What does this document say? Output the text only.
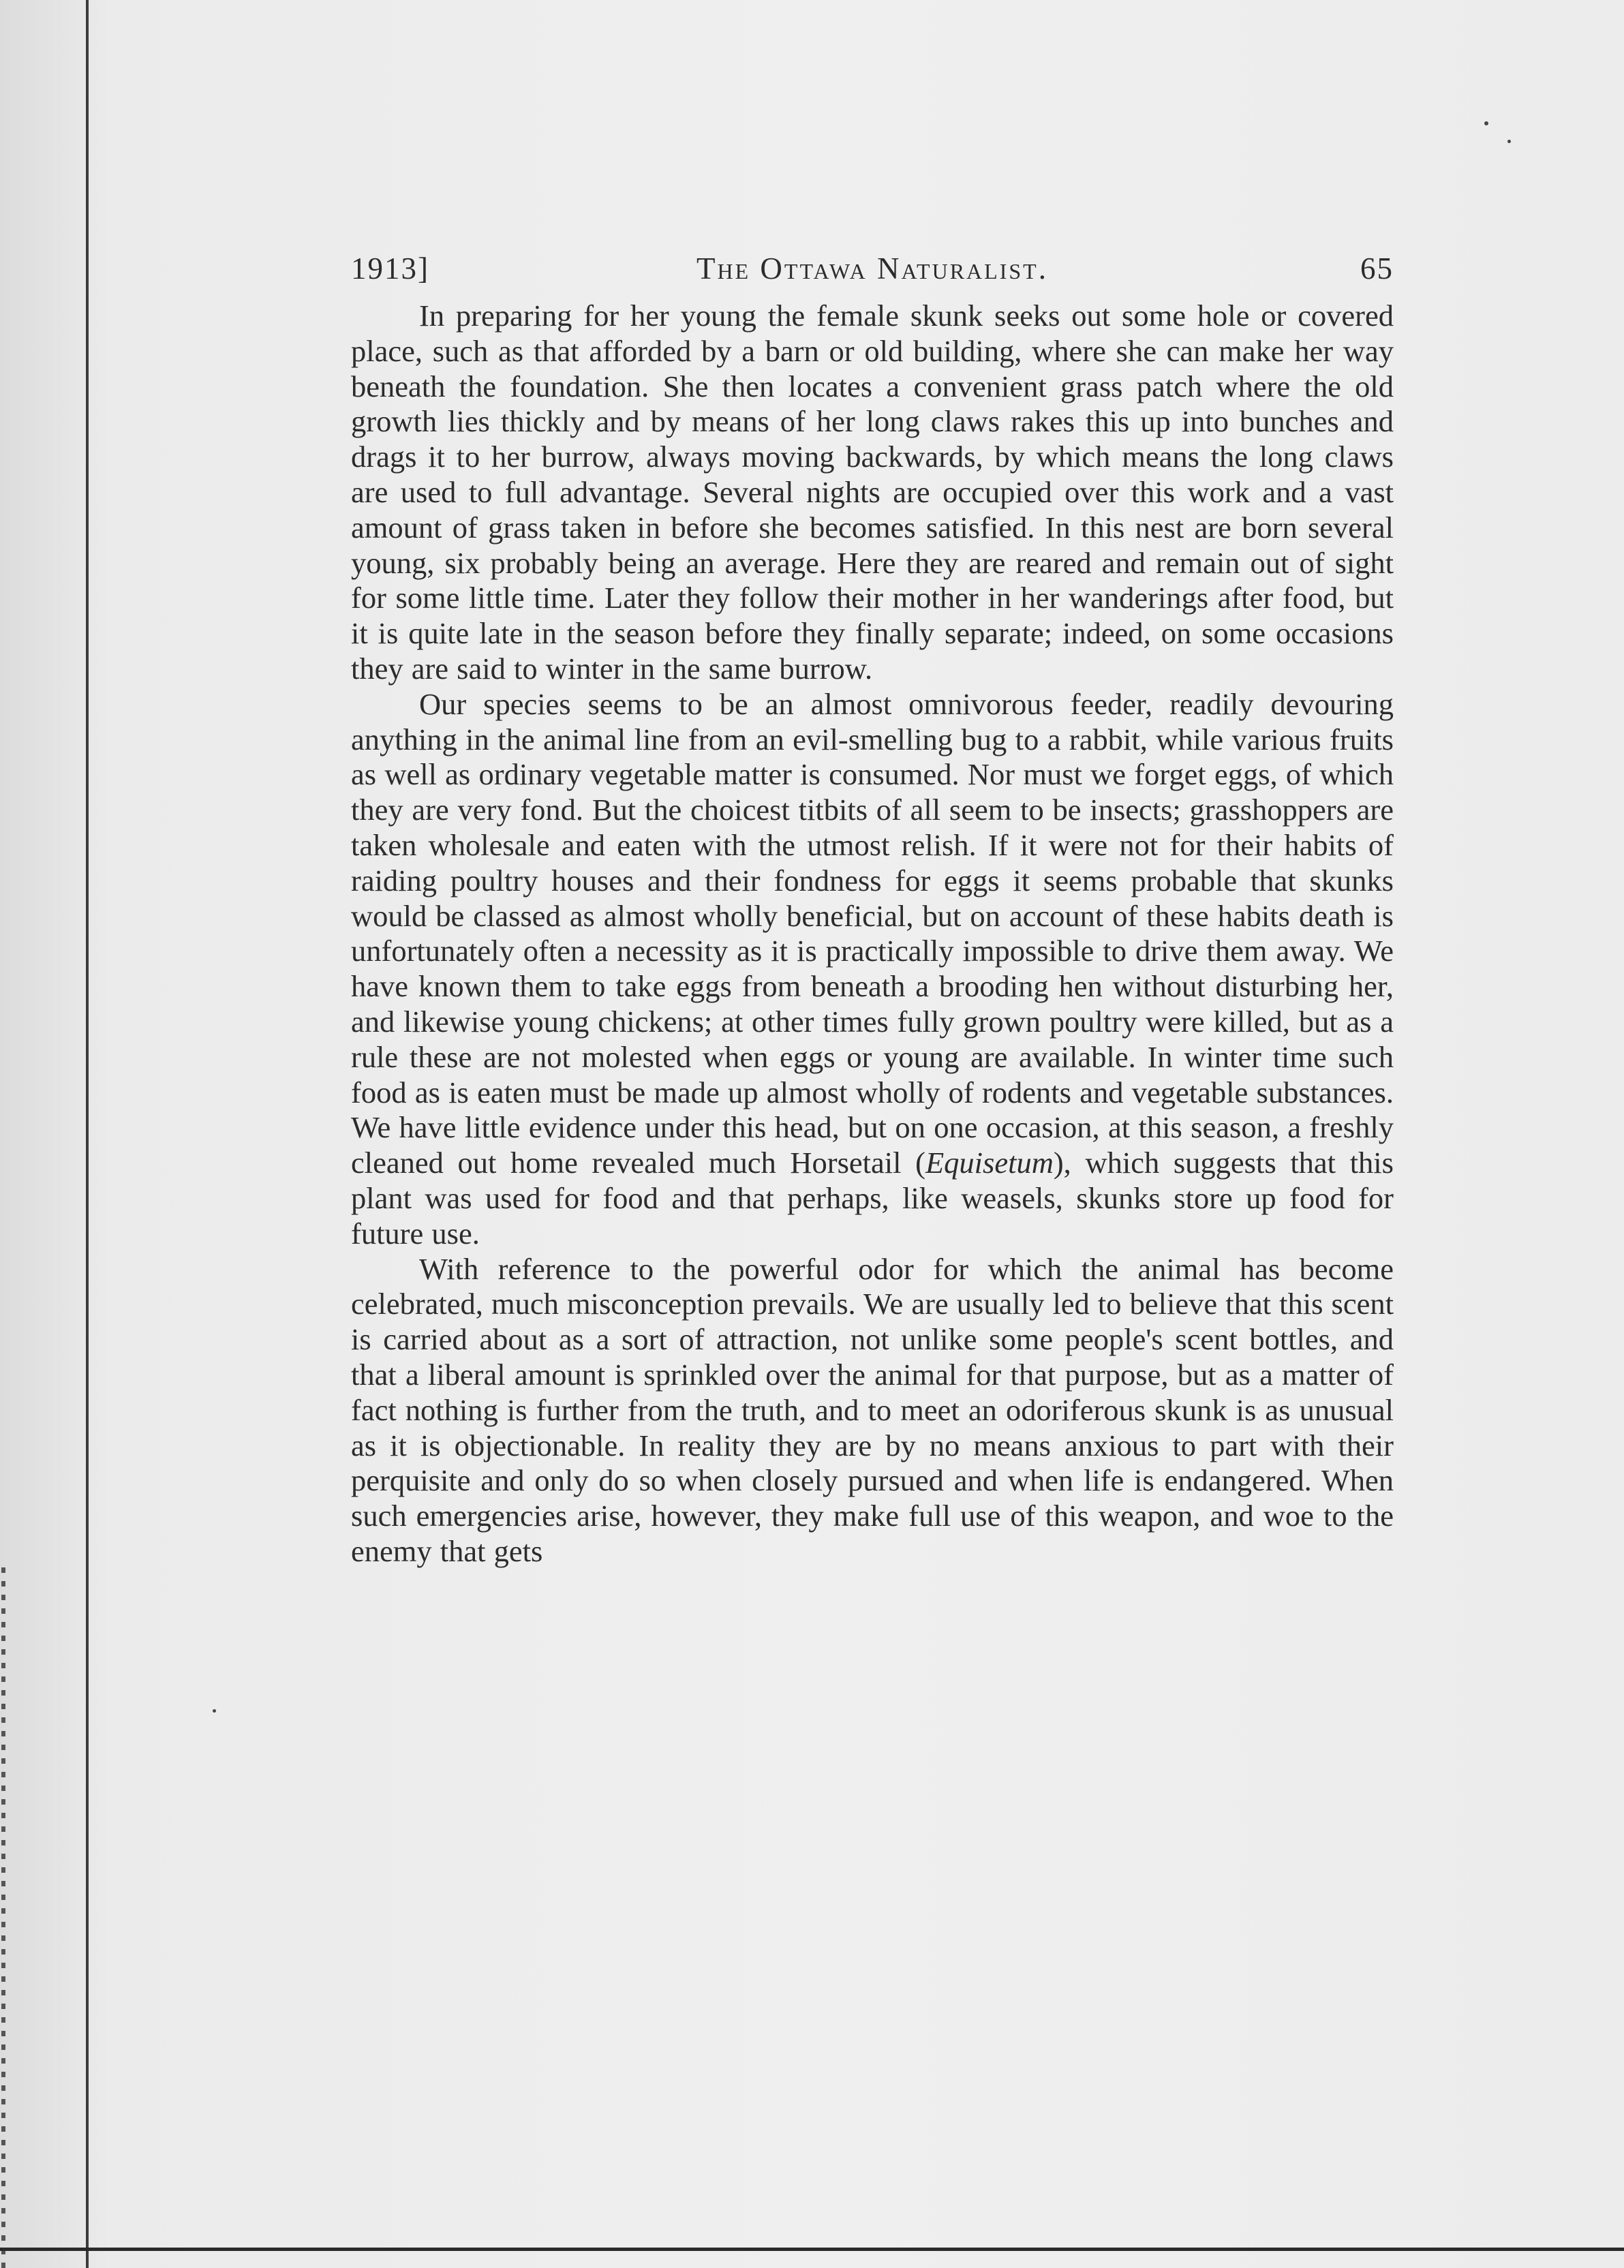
1913]	The Ottawa Naturalist.	65

In preparing for her young the female skunk seeks out some hole or covered place, such as that afforded by a barn or old building, where she can make her way beneath the foundation. She then locates a convenient grass patch where the old growth lies thickly and by means of her long claws rakes this up into bunches and drags it to her burrow, always moving backwards, by which means the long claws are used to full advantage. Several nights are occupied over this work and a vast amount of grass taken in before she becomes satisfied. In this nest are born several young, six probably being an average. Here they are reared and remain out of sight for some little time. Later they follow their mother in her wanderings after food, but it is quite late in the season before they finally separate; indeed, on some occasions they are said to winter in the same burrow.

Our species seems to be an almost omnivorous feeder, readily devouring anything in the animal line from an evil-smelling bug to a rabbit, while various fruits as well as ordinary vegetable matter is consumed. Nor must we forget eggs, of which they are very fond. But the choicest titbits of all seem to be insects; grasshoppers are taken wholesale and eaten with the utmost relish. If it were not for their habits of raiding poultry houses and their fondness for eggs it seems probable that skunks would be classed as almost wholly beneficial, but on account of these habits death is unfortunately often a necessity as it is practically impossible to drive them away. We have known them to take eggs from beneath a brooding hen without disturbing her, and likewise young chickens; at other times fully grown poultry were killed, but as a rule these are not molested when eggs or young are available. In winter time such food as is eaten must be made up almost wholly of rodents and vegetable substances. We have little evidence under this head, but on one occasion, at this season, a freshly cleaned out home revealed much Horsetail (Equisetum), which suggests that this plant was used for food and that perhaps, like weasels, skunks store up food for future use.

With reference to the powerful odor for which the animal has become celebrated, much misconception prevails. We are usually led to believe that this scent is carried about as a sort of attraction, not unlike some people's scent bottles, and that a liberal amount is sprinkled over the animal for that purpose, but as a matter of fact nothing is further from the truth, and to meet an odoriferous skunk is as unusual as it is objectionable. In reality they are by no means anxious to part with their perquisite and only do so when closely pursued and when life is endangered. When such emergencies arise, however, they make full use of this weapon, and woe to the enemy that gets
